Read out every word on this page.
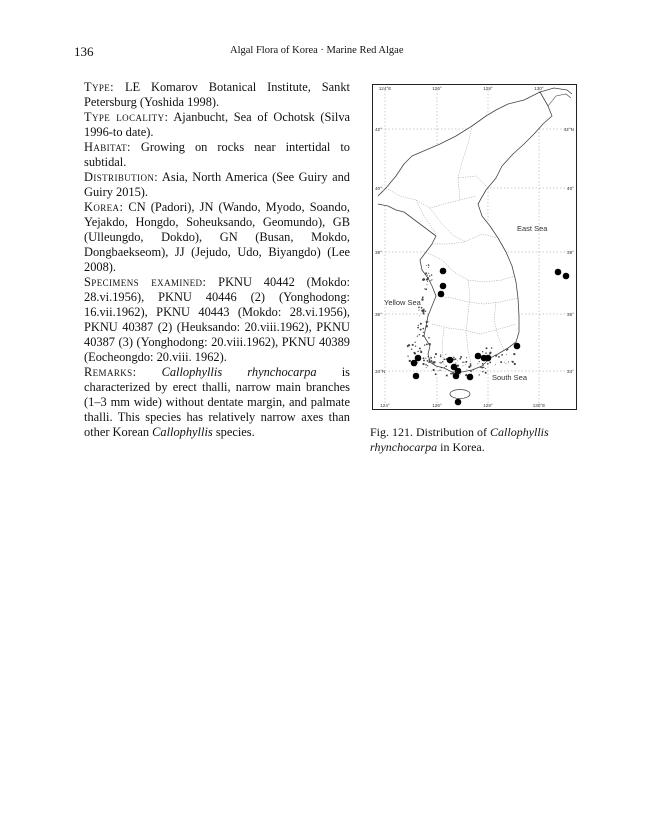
136	Algal Flora of Korea · Marine Red Algae

Type: LE Komarov Botanical Institute, Sankt Petersburg (Yoshida 1998).

Type locality: Ajanbucht, Sea of Ochotsk (Silva 1996-to date).

Habitat: Growing on rocks near intertidal to subtidal.

Distribution: Asia, North America (See Guiry and Guiry 2015).

Korea: CN (Padori), JN (Wando, Myodo, Soando, Yejakdo, Hongdo, Soheuksando, Geomundo), GB (Ulleungdo, Dokdo), GN (Busan, Mokdo, Dongbaekseom), JJ (Jejudo, Udo, Biyangdo) (Lee 2008).

Specimens examined: PKNU 40442 (Mokdo: 28.vi.1956), PKNU 40446 (2) (Yonghodong: 16.vii.1962), PKNU 40443 (Mokdo: 28.vi.1956), PKNU 40387 (2) (Heuksando: 20.viii.1962), PKNU 40387 (3) (Yonghodong: 20.viii.1962), PKNU 40389 (Eocheongdo: 20.viii. 1962).

Remarks: Callophyllis rhynchocarpa is characterized by erect thalli, narrow main branches (1–3 mm wide) without dentate margin, and palmate thalli. This species has relatively narrow axes than other Korean Callophyllis species.

124°E	126°	128°	130°
124°	126°	128°	130°E
42°
40°
38°
36°
34°N
42°N
40°
38°
36°
34°
East Sea
Yellow Sea
South Sea
Fig. 121. Distribution of Callophyllis rhynchocarpa in Korea.
